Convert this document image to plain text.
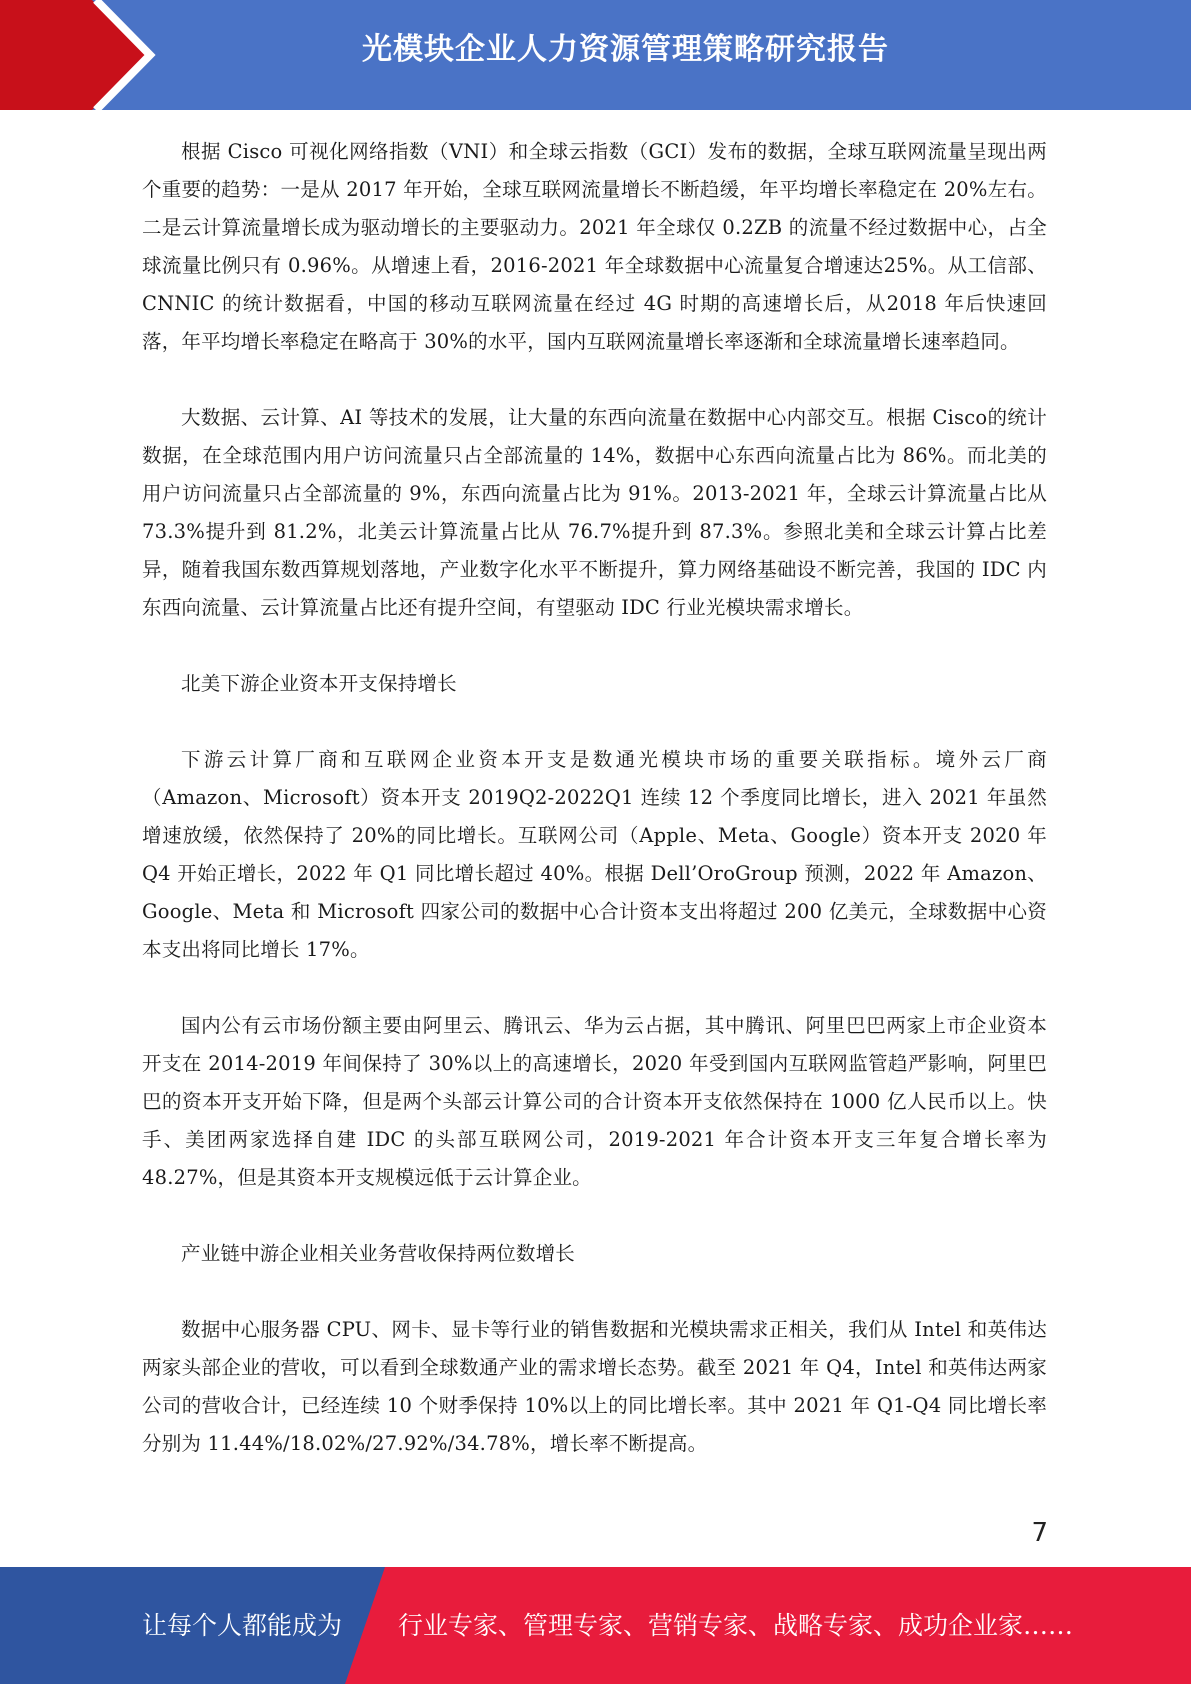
光模块企业人力资源管理策略研究报告

根据 Cisco 可视化网络指数（VNI）和全球云指数（GCI）发布的数据，全球互联网流量呈现出两个重要的趋势：一是从 2017 年开始，全球互联网流量增长不断趋缓，年平均增长率稳定在 20%左右。二是云计算流量增长成为驱动增长的主要驱动力。2021 年全球仅 0.2ZB 的流量不经过数据中心，占全球流量比例只有 0.96%。从增速上看，2016-2021 年全球数据中心流量复合增速达25%。从工信部、CNNIC 的统计数据看，中国的移动互联网流量在经过 4G 时期的高速增长后，从2018 年后快速回落，年平均增长率稳定在略高于 30%的水平，国内互联网流量增长率逐渐和全球流量增长速率趋同。

大数据、云计算、AI 等技术的发展，让大量的东西向流量在数据中心内部交互。根据 Cisco的统计数据，在全球范围内用户访问流量只占全部流量的 14%，数据中心东西向流量占比为 86%。而北美的用户访问流量只占全部流量的 9%，东西向流量占比为 91%。2013-2021 年，全球云计算流量占比从 73.3%提升到 81.2%，北美云计算流量占比从 76.7%提升到 87.3%。参照北美和全球云计算占比差异，随着我国东数西算规划落地，产业数字化水平不断提升，算力网络基础设不断完善，我国的 IDC 内东西向流量、云计算流量占比还有提升空间，有望驱动 IDC 行业光模块需求增长。

北美下游企业资本开支保持增长

下游云计算厂商和互联网企业资本开支是数通光模块市场的重要关联指标。境外云厂商（Amazon、Microsoft）资本开支 2019Q2-2022Q1 连续 12 个季度同比增长，进入 2021 年虽然增速放缓，依然保持了 20%的同比增长。互联网公司（Apple、Meta、Google）资本开支 2020 年 Q4 开始正增长，2022 年 Q1 同比增长超过 40%。根据 Dell’OroGroup 预测，2022 年 Amazon、Google、Meta 和 Microsoft 四家公司的数据中心合计资本支出将超过 200 亿美元，全球数据中心资本支出将同比增长 17%。

国内公有云市场份额主要由阿里云、腾讯云、华为云占据，其中腾讯、阿里巴巴两家上市企业资本开支在 2014-2019 年间保持了 30%以上的高速增长，2020 年受到国内互联网监管趋严影响，阿里巴巴的资本开支开始下降，但是两个头部云计算公司的合计资本开支依然保持在 1000 亿人民币以上。快手、美团两家选择自建 IDC 的头部互联网公司，2019-2021 年合计资本开支三年复合增长率为 48.27%，但是其资本开支规模远低于云计算企业。

产业链中游企业相关业务营收保持两位数增长

数据中心服务器 CPU、网卡、显卡等行业的销售数据和光模块需求正相关，我们从 Intel 和英伟达两家头部企业的营收，可以看到全球数通产业的需求增长态势。截至 2021 年 Q4，Intel 和英伟达两家公司的营收合计，已经连续 10 个财季保持 10%以上的同比增长率。其中 2021 年 Q1-Q4 同比增长率分别为 11.44%/18.02%/27.92%/34.78%，增长率不断提高。

7
让每个人都能成为 行业专家、管理专家、营销专家、战略专家、成功企业家……
